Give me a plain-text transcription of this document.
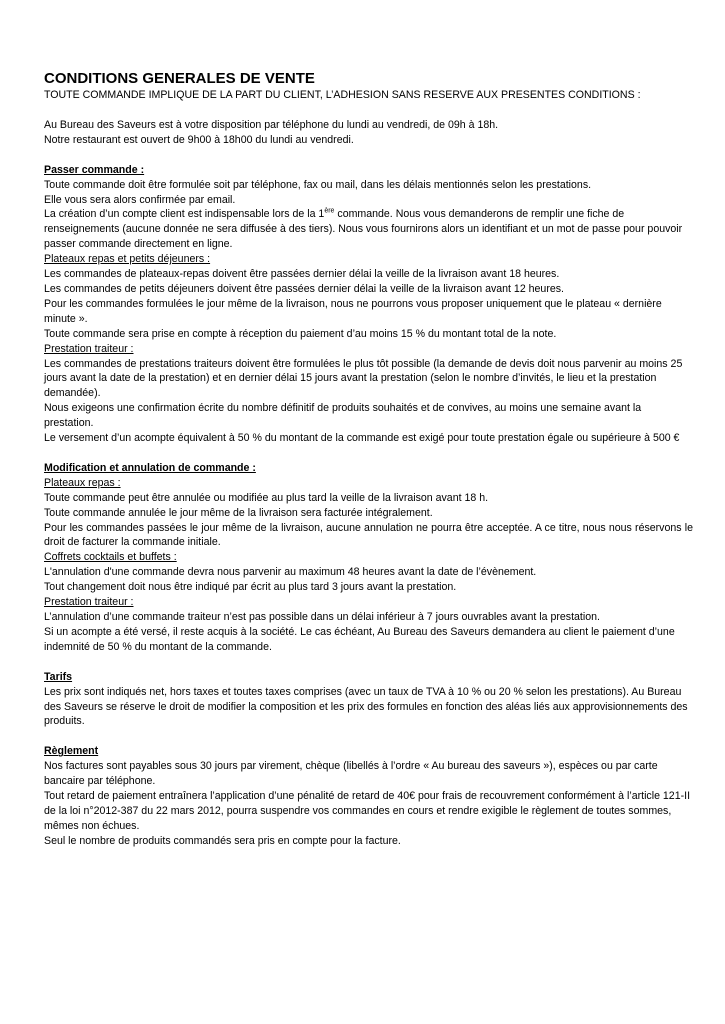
CONDITIONS GENERALES DE VENTE

TOUTE COMMANDE IMPLIQUE DE LA PART DU CLIENT, L’ADHESION SANS RESERVE AUX PRESENTES CONDITIONS :

Au Bureau des Saveurs est à votre disposition par téléphone du lundi au vendredi, de 09h à 18h.

Notre restaurant est ouvert de 9h00 à 18h00 du lundi au vendredi.

Passer commande :

Toute commande doit être formulée soit par téléphone, fax ou mail, dans les délais mentionnés selon les prestations.

Elle vous sera alors confirmée par email.

La création d’un compte client est indispensable lors de la 1ère commande. Nous vous demanderons de remplir une fiche de renseignements (aucune donnée ne sera diffusée à des tiers). Nous vous fournirons alors un identifiant et un mot de passe pour pouvoir passer commande directement en ligne.

Plateaux repas et petits déjeuners :

Les commandes de plateaux-repas doivent être passées dernier délai la veille de la livraison avant 18 heures.

Les commandes de petits déjeuners doivent être passées dernier délai la veille de la livraison avant 12 heures.

Pour les commandes formulées le jour même de la livraison, nous ne pourrons vous proposer uniquement que le plateau « dernière minute ».

Toute commande sera prise en compte à réception du paiement d’au moins 15 % du montant total de la note.

Prestation traiteur :

Les commandes de prestations traiteurs doivent être formulées le plus tôt possible (la demande de devis doit nous parvenir au moins 25 jours avant la date de la prestation) et en dernier délai 15 jours avant la prestation (selon le nombre d’invités, le lieu et la prestation demandée).

Nous exigeons une confirmation écrite du nombre définitif de produits souhaités et de convives, au moins une semaine avant la prestation.

Le versement d’un acompte équivalent à 50 % du montant de la commande est exigé pour toute prestation égale ou supérieure à 500 €

Modification et annulation de commande :

Plateaux repas :

Toute commande peut être annulée ou modifiée au plus tard la veille de la livraison avant 18 h.

Toute commande annulée le jour même de la livraison sera facturée intégralement.

Pour les commandes passées le jour même de la livraison, aucune annulation ne pourra être acceptée. A ce titre, nous nous réservons le droit de facturer la commande initiale.

Coffrets cocktails et buffets :

L'annulation d'une commande devra nous parvenir au maximum 48 heures avant la date de l’évènement.

Tout changement doit nous être indiqué par écrit au plus tard 3 jours avant la prestation.

Prestation traiteur :

L’annulation d’une commande traiteur n’est pas possible dans un délai inférieur à 7 jours ouvrables avant la prestation.

Si un acompte a été versé, il reste acquis à la société. Le cas échéant, Au Bureau des Saveurs demandera au client le paiement d’une indemnité de 50 % du montant de la commande.

Tarifs

Les prix sont indiqués net, hors taxes et toutes taxes comprises (avec un taux de TVA à 10 % ou 20 % selon les prestations). Au Bureau des Saveurs se réserve le droit de modifier la composition et les prix des formules en fonction des aléas liés aux approvisionnements des produits.

Règlement

Nos factures sont payables sous 30 jours par virement, chèque (libellés à l’ordre « Au bureau des saveurs »), espèces ou par carte bancaire par téléphone.

Tout retard de paiement entraînera l’application d’une pénalité de retard de 40€ pour frais de recouvrement conformément à l’article 121-II de la loi n°2012-387 du 22 mars 2012, pourra suspendre vos commandes en cours et rendre exigible le règlement de toutes sommes, mêmes non échues.

Seul le nombre de produits commandés sera pris en compte pour la facture.
